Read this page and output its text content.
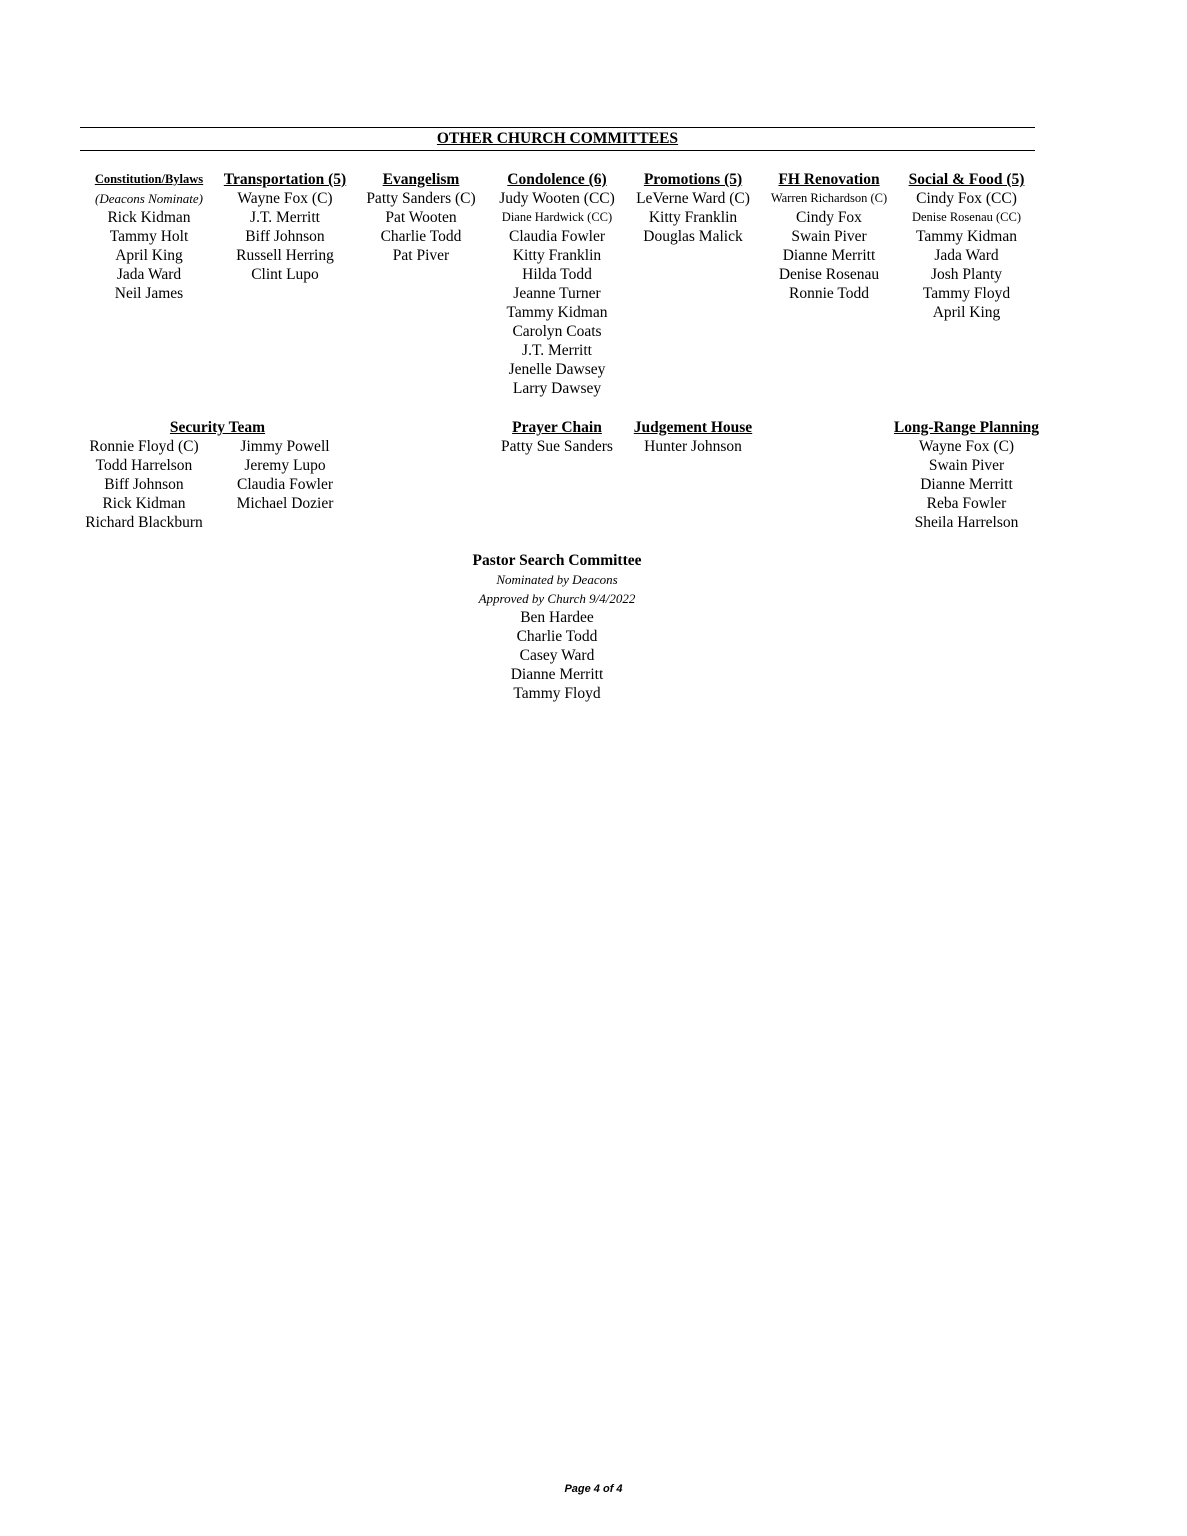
OTHER CHURCH COMMITTEES
Constitution/Bylaws
(Deacons Nominate)
Rick Kidman
Tammy Holt
April King
Jada Ward
Neil James
Transportation (5)
Wayne Fox (C)
J.T. Merritt
Biff Johnson
Russell Herring
Clint Lupo
Evangelism
Patty Sanders (C)
Pat Wooten
Charlie Todd
Pat Piver
Condolence (6)
Judy Wooten (CC)
Diane Hardwick (CC)
Claudia Fowler
Kitty Franklin
Hilda Todd
Jeanne Turner
Tammy Kidman
Carolyn Coats
J.T. Merritt
Jenelle Dawsey
Larry Dawsey
Promotions (5)
LeVerne Ward (C)
Kitty Franklin
Douglas Malick
FH Renovation
Warren Richardson (C)
Cindy Fox
Swain Piver
Dianne Merritt
Denise Rosenau
Ronnie Todd
Social & Food (5)
Cindy Fox (CC)
Denise Rosenau (CC)
Tammy Kidman
Jada Ward
Josh Planty
Tammy Floyd
April King
Security Team
Ronnie Floyd (C)
Todd Harrelson
Biff Johnson
Rick Kidman
Richard Blackburn
Jimmy Powell
Jeremy Lupo
Claudia Fowler
Michael Dozier
Prayer Chain
Patty Sue Sanders
Judgement House
Hunter Johnson
Long-Range Planning
Wayne Fox (C)
Swain Piver
Dianne Merritt
Reba Fowler
Sheila Harrelson
Pastor Search Committee
Nominated by Deacons
Approved by Church 9/4/2022
Ben Hardee
Charlie Todd
Casey Ward
Dianne Merritt
Tammy Floyd
Page 4 of 4
